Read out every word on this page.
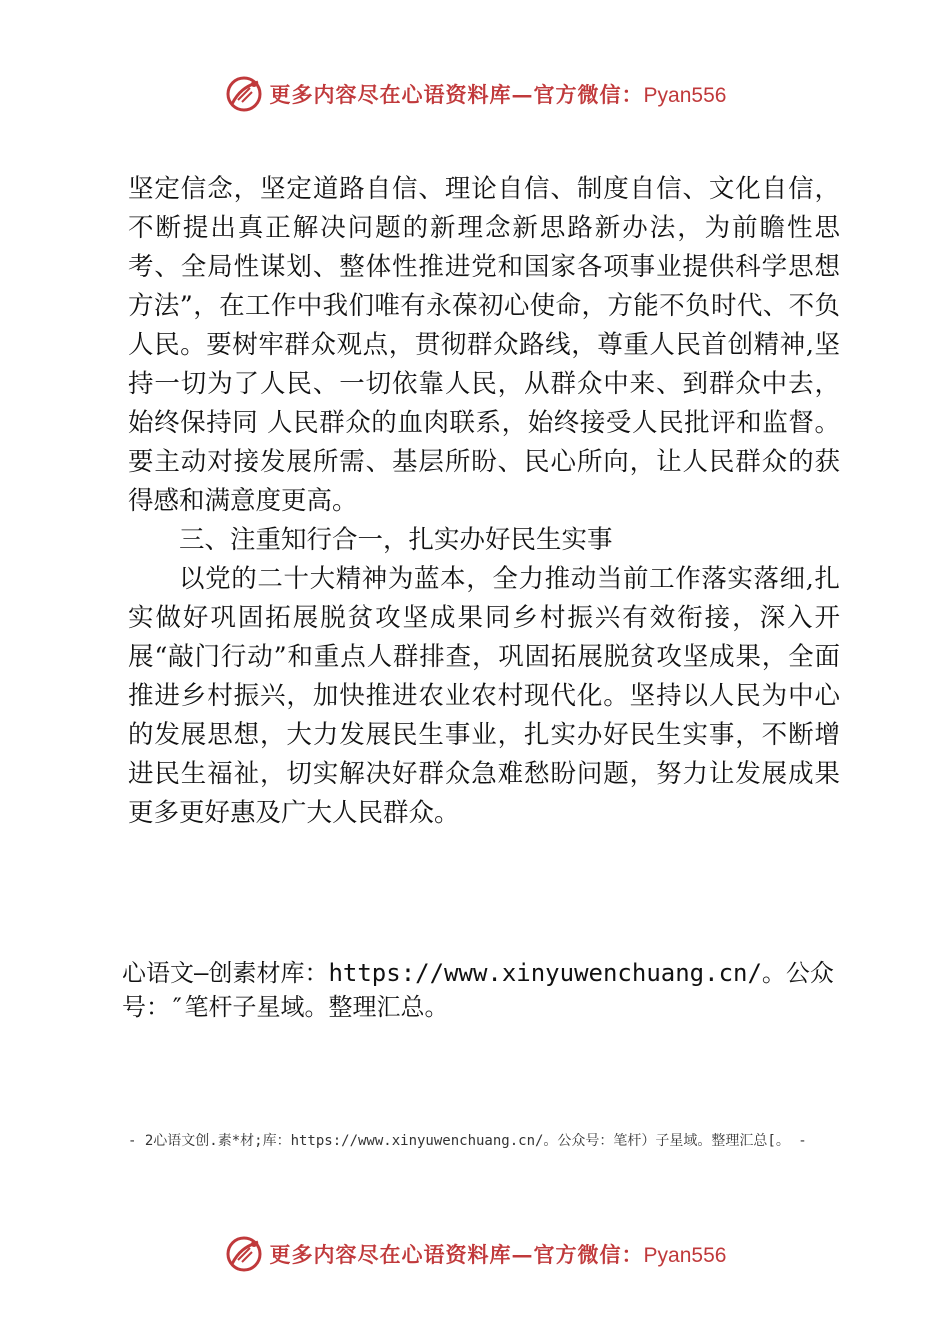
更多内容尽在心语资料库—官方微信：Pyan556

坚定信念，坚定道路自信、理论自信、制度自信、文化自信，不断提出真正解决问题的新理念新思路新办法，为前瞻性思考、全局性谋划、整体性推进党和国家各项事业提供科学思想方法”，在工作中我们唯有永葆初心使命，方能不负时代、不负人民。要树牢群众观点，贯彻群众路线，尊重人民首创精神,坚持一切为了人民、一切依靠人民，从群众中来、到群众中去，始终保持同 人民群众的血肉联系，始终接受人民批评和监督。要主动对接发展所需、基层所盼、民心所向，让人民群众的获得感和满意度更高。

三、注重知行合一，扎实办好民生实事

以党的二十大精神为蓝本，全力推动当前工作落实落细,扎实做好巩固拓展脱贫攻坚成果同乡村振兴有效衔接，深入开展“敲门行动”和重点人群排查，巩固拓展脱贫攻坚成果，全面推进乡村振兴，加快推进农业农村现代化。坚持以人民为中心的发展思想，大力发展民生事业，扎实办好民生实事，不断增进民生福祉，切实解决好群众急难愁盼问题，努力让发展成果更多更好惠及广大人民群众。

心语文—创素材库：https://www.xinyuwenchuang.cn/。公众号：″笔杆子星域。整理汇总。
- 2心语文创.素*材;库：https://www.xinyuwenchuang.cn/。公众号：笔杆）子星域。整理汇总[。 -
更多内容尽在心语资料库—官方微信：Pyan556
